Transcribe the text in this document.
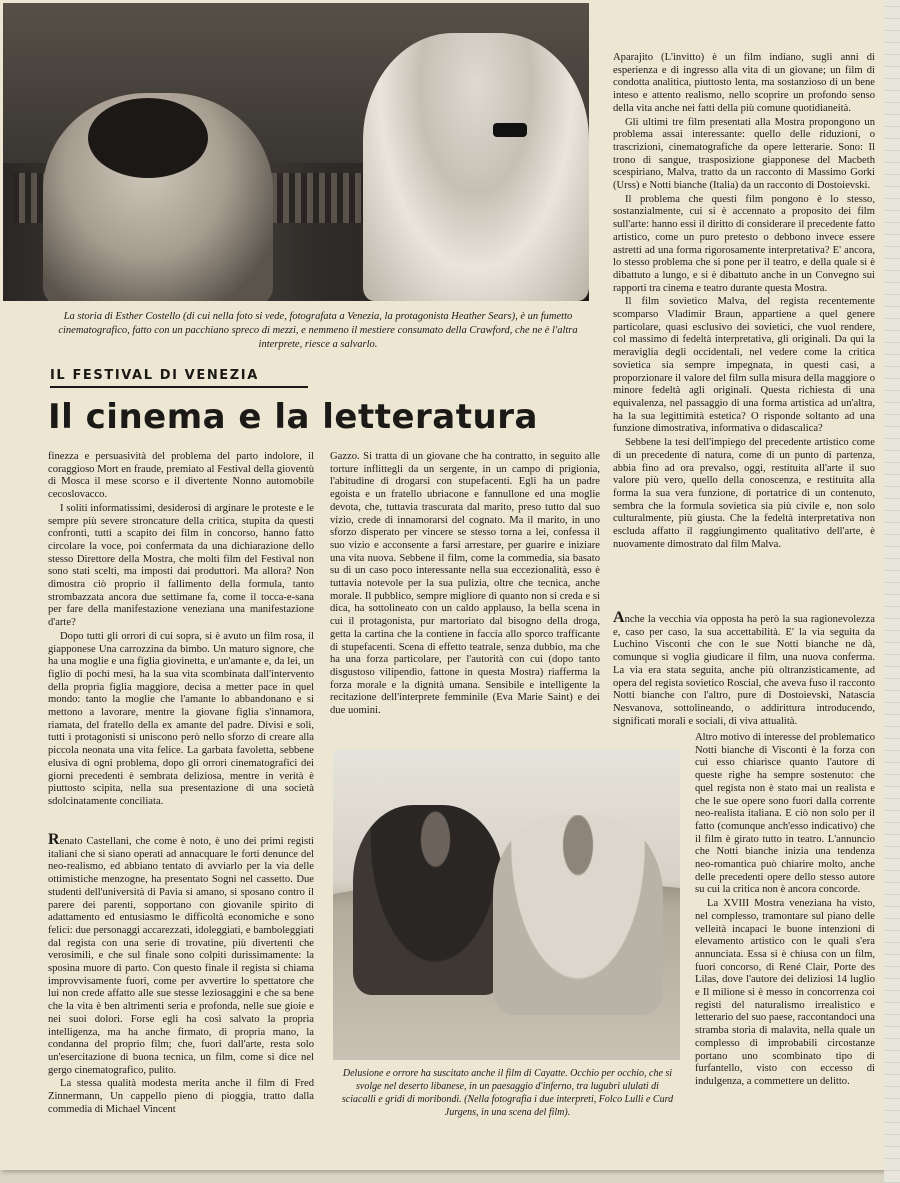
La storia di Esther Costello (di cui nella foto si vede, fotografata a Venezia, la protagonista Heather Sears), è un fumetto cinematografico, fatto con un pacchiano spreco di mezzi, e nemmeno il mestiere consumato della Crawford, che ne è l'altra interprete, riesce a salvarlo.
IL FESTIVAL DI VENEZIA
Il cinema e la letteratura

finezza e persuasività del problema del parto indolore, il coraggioso Mort en fraude, premiato al Festival della gioventù di Mosca il mese scorso e il divertente Nonno automobile cecoslovacco.

I soliti informatissimi, desiderosi di arginare le proteste e le sempre più severe stroncature della critica, stupita da questi confronti, tutti a scapito dei film in concorso, hanno fatto circolare la voce, poi confermata da una dichiarazione dello stesso Direttore della Mostra, che molti film del Festival non sono stati scelti, ma imposti dai produttori. Ma allora? Non dimostra ciò proprio il fallimento della formula, tanto strombazzata ancora due settimane fa, come il tocca-e-sana per fare della manifestazione veneziana una manifestazione d'arte?

Dopo tutti gli orrori di cui sopra, si è avuto un film rosa, il giapponese Una carrozzina da bimbo. Un maturo signore, che ha una moglie e una figlia giovinetta, e un'amante e, da lei, un figlio di pochi mesi, ha la sua vita scombinata dall'intervento della propria figlia maggiore, decisa a metter pace in quel mondo: tanto la moglie che l'amante lo abbandonano e si mettono a lavorare, mentre la giovane figlia s'innamora, riamata, del fratello della ex amante del padre. Divisi e soli, tutti i protagonisti si uniscono però nello sforzo di creare alla piccola neonata una vita felice. La garbata favoletta, sebbene elusiva di ogni problema, dopo gli orrori cinematografici dei giorni precedenti è sembrata deliziosa, mentre in verità è piuttosto scipita, nella sua presentazione di una società sdolcinatamente conciliata.

Renato Castellani, che come è noto, è uno dei primi registi italiani che si siano operati ad annacquare le forti denunce del neo-realismo, ed abbiano tentato di avviarlo per la via delle ottimistiche menzogne, ha presentato Sogni nel cassetto. Due studenti dell'università di Pavia si amano, si sposano contro il parere dei parenti, sopportano con giovanile spirito di adattamento ed entusiasmo le difficoltà economiche e sono felici: due personaggi accarezzati, idoleggiati, e bamboleggiati dal regista con una serie di trovatine, più divertenti che verosimili, e che sul finale sono colpiti durissimamente: la sposina muore di parto. Con questo finale il regista si chiama improvvisamente fuori, come per avvertire lo spettatore che lui non crede affatto alle sue stesse leziosaggini e che sa bene che la vita è ben altrimenti seria e profonda, nelle sue gioie e nei suoi dolori. Forse egli ha così salvato la propria intelligenza, ma ha anche firmato, di propria mano, la condanna del proprio film; che, fuori dall'arte, resta solo un'esercitazione di buona tecnica, un film, come si dice nel gergo cinematografico, pulito.

La stessa qualità modesta merita anche il film di Fred Zinnermann, Un cappello pieno di pioggia, tratto dalla commedia di Michael Vincent

Gazzo. Si tratta di un giovane che ha contratto, in seguito alle torture inflittegli da un sergente, in un campo di prigionia, l'abitudine di drogarsi con stupefacenti. Egli ha un padre egoista e un fratello ubriacone e fannullone ed una moglie devota, che, tuttavia trascurata dal marito, preso tutto dal suo vizio, crede di innamorarsi del cognato. Ma il marito, in uno sforzo disperato per vincere se stesso torna a lei, confessa il suo vizio e acconsente a farsi arrestare, per guarire e iniziare una vita nuova. Sebbene il film, come la commedia, sia basato su di un caso poco interessante nella sua eccezionalità, esso è tuttavia notevole per la sua pulizia, oltre che tecnica, anche morale. Il pubblico, sempre migliore di quanto non si creda e si dica, ha sottolineato con un caldo applauso, la bella scena in cui il protagonista, pur martoriato dal bisogno della droga, getta la cartina che la contiene in faccia allo sporco trafficante di stupefacenti. Scena di effetto teatrale, senza dubbio, ma che ha una forza particolare, per l'autorità con cui (dopo tanto disgustoso vilipendio, fattone in questa Mostra) riafferma la forza morale e la dignità umana. Sensibile e intelligente la recitazione dell'interprete femminile (Eva Marie Saint) e dei due uomini.

Delusione e orrore ha suscitato anche il film di Cayatte. Occhio per occhio, che si svolge nel deserto libanese, in un paesaggio d'inferno, tra lugubri ululati di sciacalli e gridi di moribondi. (Nella fotografia i due interpreti, Folco Lulli e Curd Jurgens, in una scena del film).

Aparajito (L'invitto) è un film indiano, sugli anni di esperienza e di ingresso alla vita di un giovane; un film di condotta analitica, piuttosto lenta, ma sostanzioso di un bene inteso e attento realismo, nello scoprire un profondo senso della vita anche nei fatti della più comune quotidianeità.

Gli ultimi tre film presentati alla Mostra propongono un problema assai interessante: quello delle riduzioni, o trascrizioni, cinematografiche da opere letterarie. Sono: Il trono di sangue, trasposizione giapponese del Macbeth scespiriano, Malva, tratto da un racconto di Massimo Gorki (Urss) e Notti bianche (Italia) da un racconto di Dostoievski.

Il problema che questi film pongono è lo stesso, sostanzialmente, cui si è accennato a proposito dei film sull'arte: hanno essi il diritto di considerare il precedente fatto artistico, come un puro pretesto o debbono invece essere astretti ad una forma rigorosamente interpretativa? E' ancora, lo stesso problema che si pone per il teatro, e della quale si è dibattuto a lungo, e si è dibattuto anche in un Convegno sui rapporti tra cinema e teatro durante questa Mostra.

Il film sovietico Malva, del regista recentemente scomparso Vladimir Braun, appartiene a quel genere particolare, quasi esclusivo dei sovietici, che vuol rendere, col massimo di fedeltà interpretativa, gli originali. Da qui la meraviglia degli occidentali, nel vedere come la critica sovietica sia sempre impegnata, in questi casi, a proporzionare il valore del film sulla misura della maggiore o minore fedeltà agli originali. Questa richiesta di una equivalenza, nel passaggio di una forma artistica ad un'altra, ha la sua legittimità estetica? O risponde soltanto ad una funzione dimostrativa, informativa o didascalica?

Sebbene la tesi dell'impiego del precedente artistico come di un precedente di natura, come di un punto di partenza, abbia fino ad ora prevalso, oggi, restituita all'arte il suo valore più vero, quello della conoscenza, e restituita alla forma la sua vera funzione, di portatrice di un contenuto, sembra che la formula sovietica sia più civile e, non solo culturalmente, più giusta. Che la fedeltà interpretativa non escluda affatto il raggiungimento qualitativo dell'arte, è nuovamente dimostrato dal film Malva.

Anche la vecchia via opposta ha però la sua ragionevolezza e, caso per caso, la sua accettabilità. E' la via seguita da Luchino Visconti che con le sue Notti bianche ne dà, comunque si voglia giudicare il film, una nuova conferma. La via era stata seguita, anche più oltranzisticamente, ad opera del regista sovietico Roscial, che aveva fuso il racconto Notti bianche con l'altro, pure di Dostoievski, Natascia Nesvanova, sottolineando, o addirittura introducendo, significati morali e sociali, di viva attualità.

Altro motivo di interesse del problematico Notti bianche di Visconti è la forza con cui esso chiarisce quanto l'autore di queste righe ha sempre sostenuto: che quel regista non è stato mai un realista e che le sue opere sono fuori dalla corrente neo-realista italiana. E ciò non solo per il fatto (comunque anch'esso indicativo) che il film è girato tutto in teatro. L'annuncio che Notti bianche inizia una tendenza neo-romantica può chiarire molto, anche delle precedenti opere dello stesso autore su cui la critica non è ancora concorde.

La XVIII Mostra veneziana ha visto, nel complesso, tramontare sul piano delle velleità incapaci le buone intenzioni di elevamento artistico con le quali s'era annunciata. Essa si è chiusa con un film, fuori concorso, di René Clair, Porte des Lilas, dove l'autore dei deliziosi 14 luglio e Il milione si è messo in concorrenza coi registi del naturalismo irrealistico e letterario del suo paese, raccontandoci una stramba storia di malavita, nella quale un complesso di improbabili circostanze portano uno scombinato tipo di furfantello, visto con eccesso di indulgenza, a commettere un delitto.
